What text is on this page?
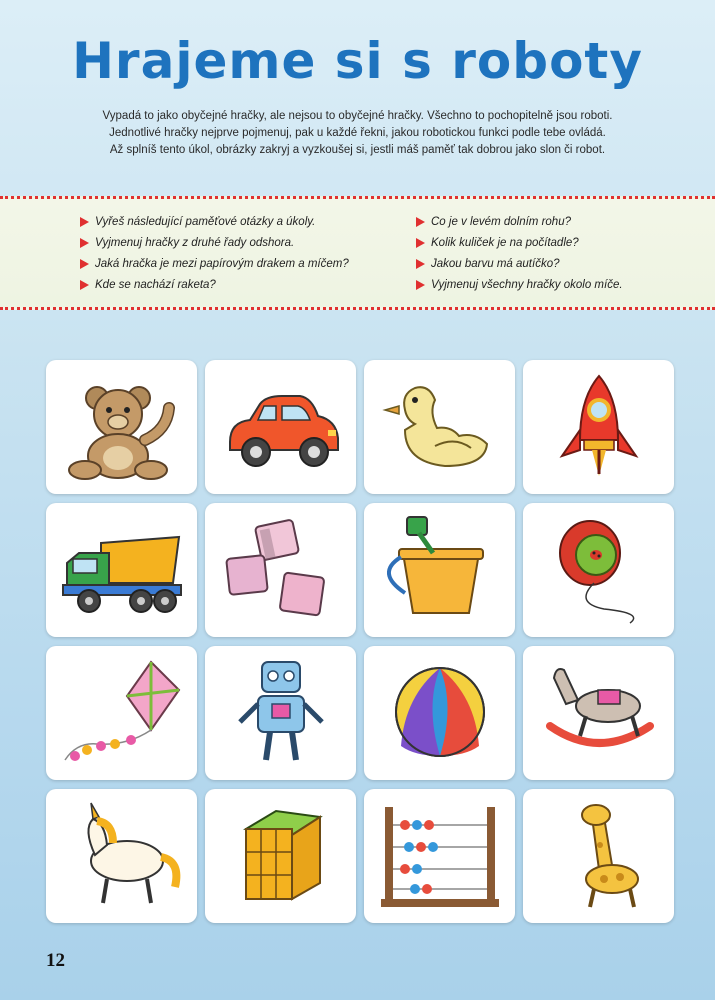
Hrajeme si s roboty
Vypadá to jako obyčejné hračky, ale nejsou to obyčejné hračky. Všechno to pochopitelně jsou roboti.
Jednotlivé hračky nejprve pojmenuj, pak u každé řekni, jakou robotickou funkci podle tebe ovládá.
Až splníš tento úkol, obrázky zakryj a vyzkoušej si, jestli máš paměť tak dobrou jako slon či robot.
Vyřeš následující paměťové otázky a úkoly.
Vyjmenuj hračky z druhé řady odshora.
Jaká hračka je mezi papírovým drakem a míčem?
Kde se nachází raketa?
Co je v levém dolním rohu?
Kolik kuliček je na počítadle?
Jakou barvu má autíčko?
Vyjmenuj všechny hračky okolo míče.
12
